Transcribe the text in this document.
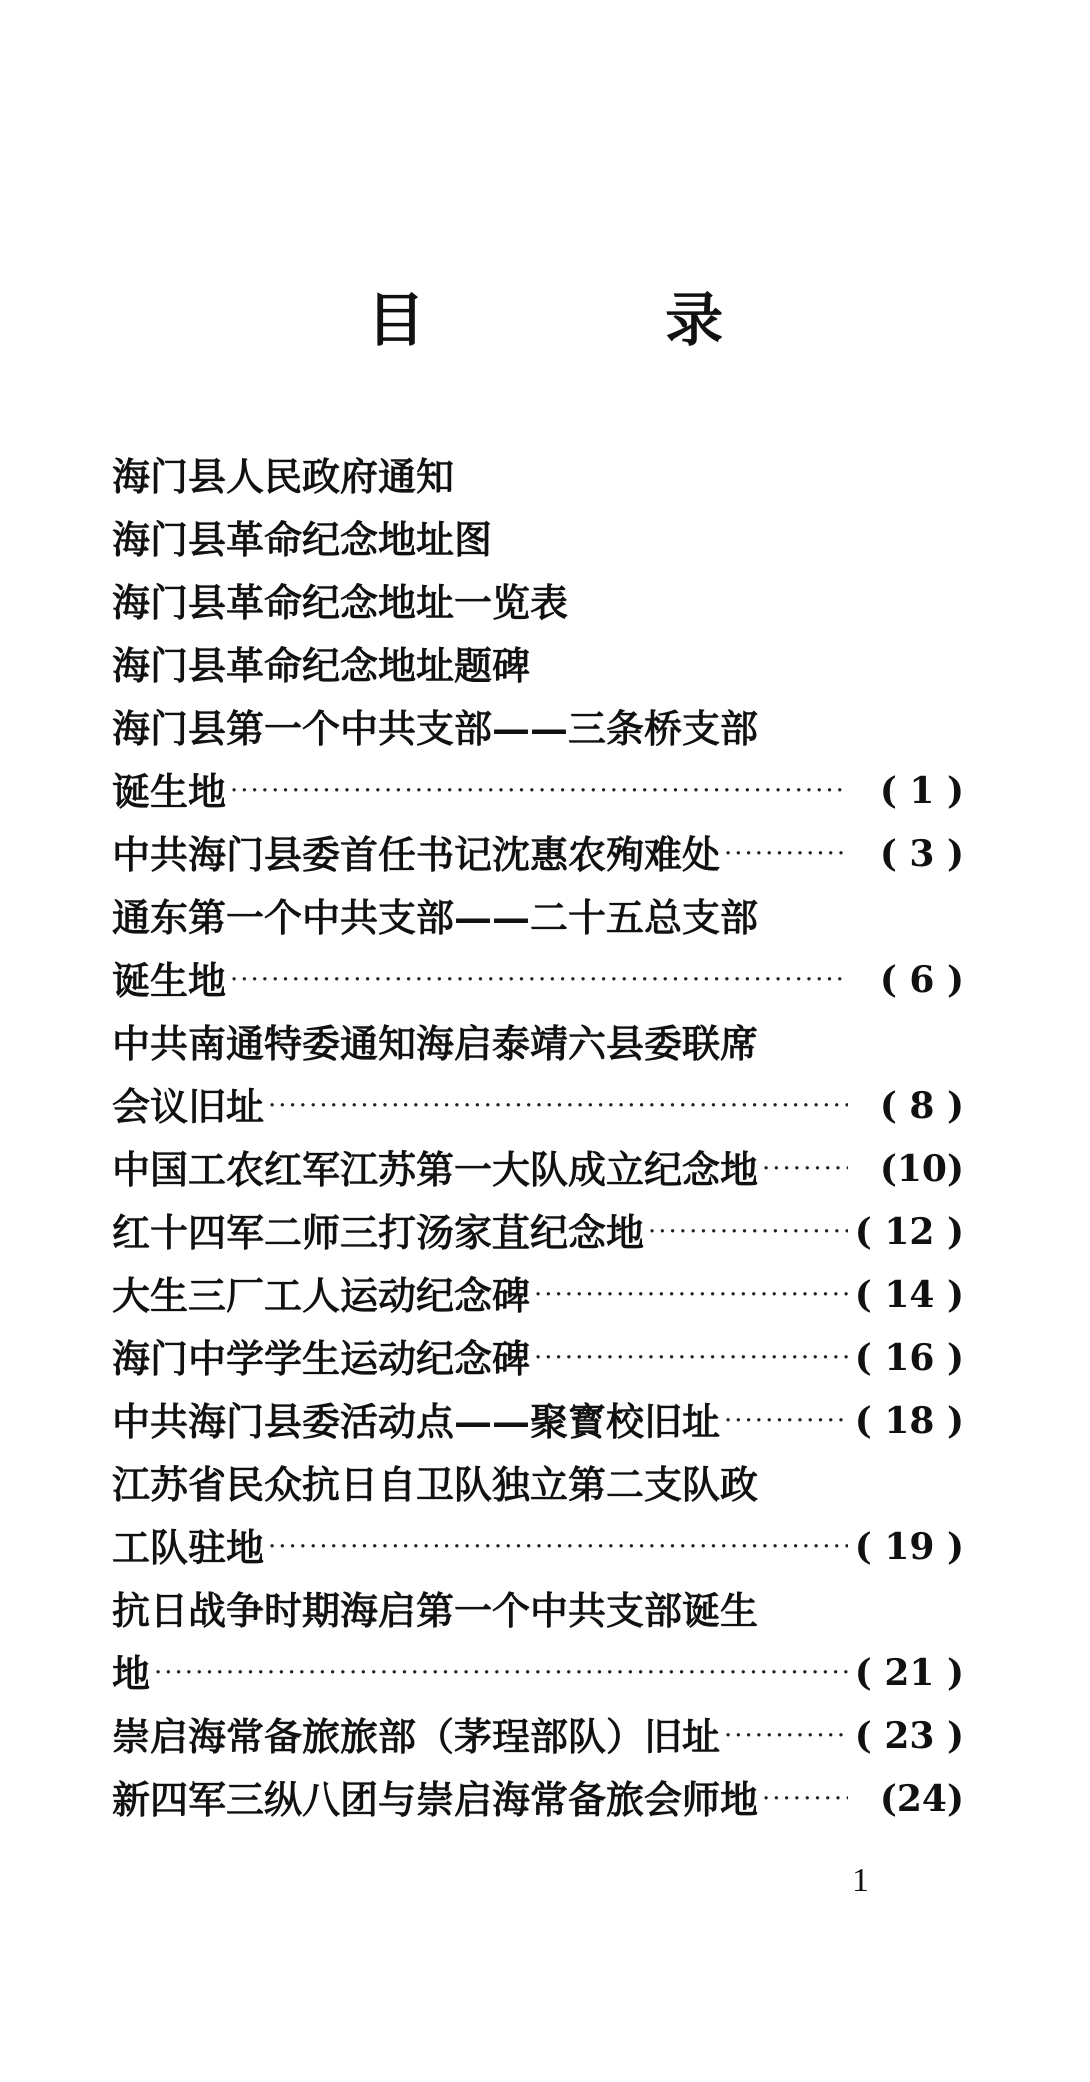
目 录
海门县人民政府通知
海门县革命纪念地址图
海门县革命纪念地址一览表
海门县革命纪念地址题碑
海门县第一个中共支部——三条桥支部
诞生地 ·····	( 1 )
中共海门县委首任书记沈惠农殉难处 ·····	( 3 )
通东第一个中共支部——二十五总支部
诞生地 ·····	( 6 )
中共南通特委通知海启泰靖六县委联席
会议旧址 ·····	( 8 )
中国工农红军江苏第一大队成立纪念地 ·····	(10)
红十四军二师三打汤家苴纪念地 ·····	( 12 )
大生三厂工人运动纪念碑 ·····	( 14 )
海门中学学生运动纪念碑 ·····	( 16 )
中共海门县委活动点——聚寳校旧址 ·····	( 18 )
江苏省民众抗日自卫队独立第二支队政
工队驻地 ·····	( 19 )
抗日战争时期海启第一个中共支部诞生
地 ·····	( 21 )
崇启海常备旅旅部（茅珵部队）旧址 ·····	( 23 )
新四军三纵八团与崇启海常备旅会师地 ·····	(24)
1
